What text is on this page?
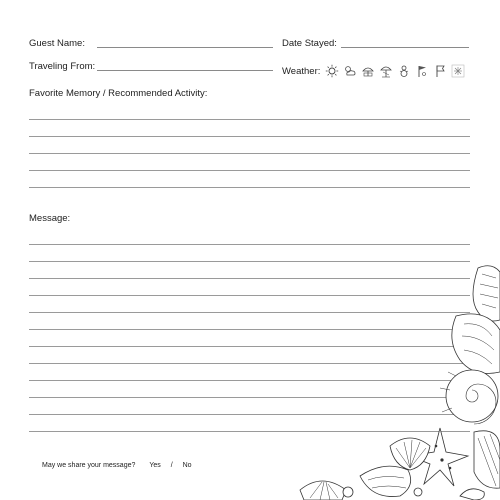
Guest Name:	Date Stayed:
Traveling From:	Weather:
Favorite Memory / Recommended Activity:
Message:
May we share your message? Yes / No
